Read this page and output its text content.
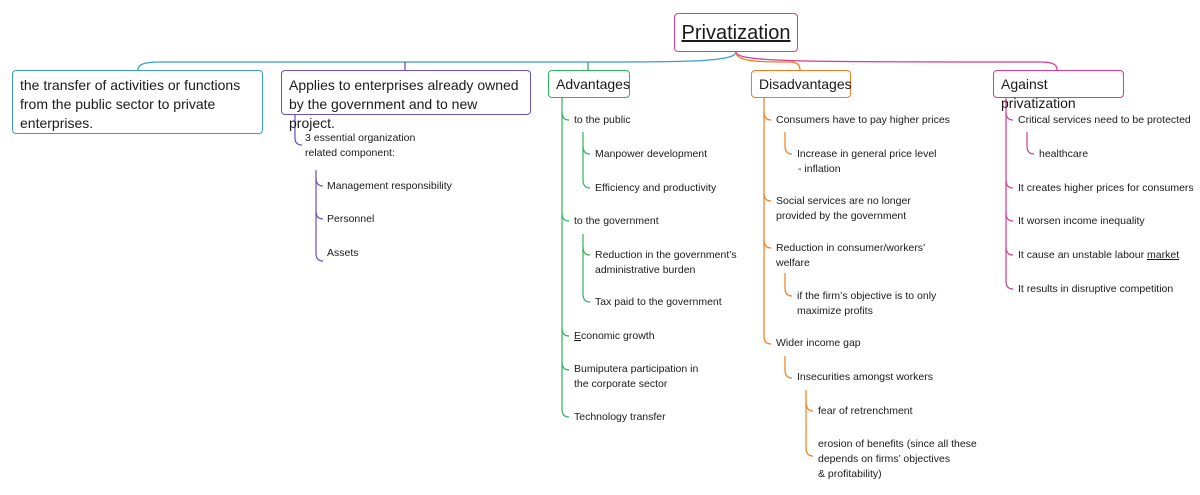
Privatization
the transfer of activities or functions from the public sector to private enterprises.
Applies to enterprises already owned by the government and to new project.
Advantages	Disadvantages	Against privatization
3 essential organization
related component:
Management responsibility
Personnel
Assets
to the public
Manpower development
Efficiency and productivity
to the government
Reduction in the government’s
administrative burden
Tax paid to the government
Economic growth
Bumiputera participation in
the corporate sector
Technology transfer
Consumers have to pay higher prices
Increase in general price level
- inflation
Social services are no longer
provided by the government
Reduction in consumer/workers’
welfare
if the firm’s objective is to only
maximize profits
Wider income gap
Insecurities amongst workers
fear of retrenchment
erosion of benefits (since all these
depends on firms’ objectives
& profitability)
Critical services need to be protected
healthcare
It creates higher prices for consumers
It worsen income inequality
It cause an unstable labour market
It results in disruptive competition
